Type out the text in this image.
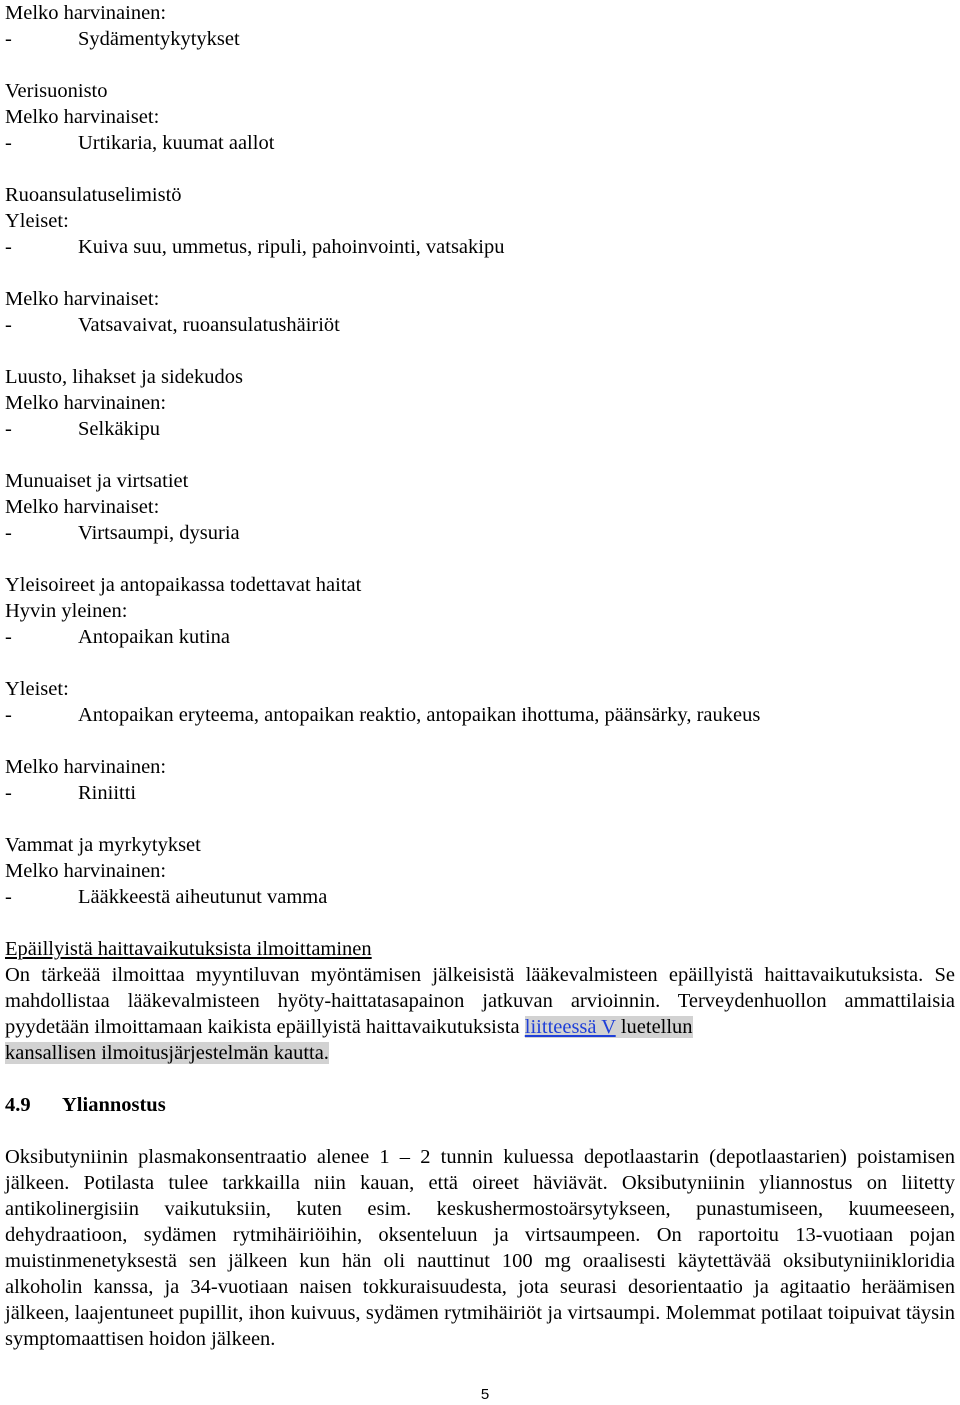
Melko harvinainen:
-	Sydämentykytykset
Verisuonisto
Melko harvinaiset:
-	Urtikaria, kuumat aallot
Ruoansulatuselimistö
Yleiset:
-	Kuiva suu, ummetus, ripuli, pahoinvointi, vatsakipu
Melko harvinaiset:
-	Vatsavaivat, ruoansulatushäiriöt
Luusto, lihakset ja sidekudos
Melko harvinainen:
-	Selkäkipu
Munuaiset ja virtsatiet
Melko harvinaiset:
-	Virtsaumpi, dysuria
Yleisoireet ja antopaikassa todettavat haitat
Hyvin yleinen:
-	Antopaikan kutina
Yleiset:
-	Antopaikan eryteema, antopaikan reaktio, antopaikan ihottuma, päänsärky, raukeus
Melko harvinainen:
-	Riniitti
Vammat ja myrkytykset
Melko harvinainen:
-	Lääkkeestä aiheutunut vamma
Epäillyistä haittavaikutuksista ilmoittaminen

On tärkeää ilmoittaa myyntiluvan myöntämisen jälkeisistä lääkevalmisteen epäillyistä haittavaikutuksista. Se mahdollistaa lääkevalmisteen hyöty-haittatasapainon jatkuvan arvioinnin. Terveydenhuollon ammattilaisia pyydetään ilmoittamaan kaikista epäillyistä haittavaikutuksista liitteessä V luetellun
kansallisen ilmoitusjärjestelmän kautta.

4.9	Yliannostus

Oksibutyniinin plasmakonsentraatio alenee 1 – 2 tunnin kuluessa depotlaastarin (depotlaastarien) poistamisen jälkeen. Potilasta tulee tarkkailla niin kauan, että oireet häviävät. Oksibutyniinin yliannostus on liitetty antikolinergisiin vaikutuksiin, kuten esim. keskushermostoärsytykseen, punastumiseen, kuumeeseen, dehydraatioon, sydämen rytmihäiriöihin, oksenteluun ja virtsaumpeen. On raportoitu 13-vuotiaan pojan muistinmenetyksestä sen jälkeen kun hän oli nauttinut 100 mg oraalisesti käytettävää oksibutyniinikloridia alkoholin kanssa, ja 34-vuotiaan naisen tokkuraisuudesta, jota seurasi desorientaatio ja agitaatio heräämisen jälkeen, laajentuneet pupillit, ihon kuivuus, sydämen rytmihäiriöt ja virtsaumpi. Molemmat potilaat toipuivat täysin symptomaattisen hoidon jälkeen.

5
